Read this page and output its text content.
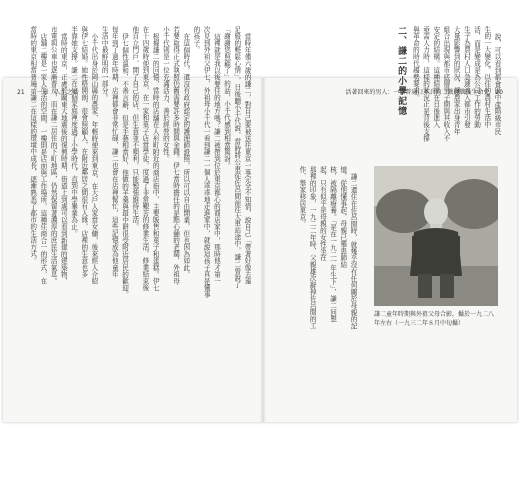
21　第一章　人生之始	活著回來的男人：一個普通日本兵的二戰與戰後生命史　20
說，可以看到都會區中產階級市民
生的一大變化。以往的農村生活中
活，而是變成是為公司工作的勞動
生子為農村人口急遽流入都市引發
大量影響到的狀況，讓農家出身青年
組合出現與都市底層男子間與其收入不
安定的結構。這種結構在日後進入
亟需人力時，這樣的狀況正是背後支撐
與革命的時代趨勢要求。
二、謙二的小學記憶
謙二還住在佐呂間時，就幾乎沒有任何關於母親的記憶，從他懂事起，母親已罹患肺結
核，被隔離療養。「是在一九二一年生下」，謙二回想起，只有似乎是母親的女性坐在
那裡的印象，一九二二年時，父親雄次辭掉佐呂間的工作，舉家移居東京。
謙二童年時期與外祖父母合影，攝於一九二八年左右（一九三二年８月中旬攝）
當時年僅六歲的謙二，對自己要被送往東京一事完全不知情，說自己「帶著好像去遠
足般的輕鬆心情」，日後聽小千代說，當時將公車從佐呂間前往大車站途中，謙二曾說了
「謝謝您照顧了」的話，小千代感到相當驚訝。
這裡就是我以後要住的地方嗎？謙二被帶到位於東京都心的商店家中，那時他才第一
次見到外祖父伊七，外祖母小千代一看到謙二一個人乖乖地走進家中，就說這孩子真是懂事
的孩子。
在這個時代，還沒有政府認定的護理師證照，所以可以自由開業，但也因為如此，
若要取得正式執照仍舊需要許多時間與金錢。伊七當時擔任的是點心舖的老闆，外祖母
小千代則是一位充滿活力、善於經營的女性。
根據謙二的回憶，當時的店舖在人形町附近的商店街中，主要販售和菓子和蛋糕。伊七
在十四歲時便到東京，在一家和菓子店當學徒，度過了非常艱苦的修業生活。修業結束後
他自立門戶，開了自己的店，但生意並不順利，只能勉強維持生活。
伊七個性溫和，不善言辭，但是手藝相當好，他做的羊羹與最中餅很受附近居民的歡迎。
每年到了過年時期，店裡都會非常忙碌，謙二也會在店裡幫忙，這些記憶成為他童年
生活中最鮮明的一部分。
小千代出身於岡山縣的農家，年輕時便來到東京，在大戶人家當女傭，後來經人介紹
與伊七結婚。她性格開朗，很會照顧人，在附近鄰居之間很有人緣，店裡的生意也多
半靠她支撐。謙二在這個家庭裡度過了小學時代，直到中學畢業為止。
當時的東京，正處於關東大地震後的復興時期，街道上到處可以看到新建的建築物，
市電與公車也逐漸普及，而在謙二居住的下町地區，仍然保留著濃厚的庶民生活氣息。
店舖二樓是一家人生活的空間，一樓則是店面與工作場所，這種住商合一的形式，在
當時的東京相當普遍。謙二在這樣的環境中成長，逐漸熟悉了都市的生活方式。
